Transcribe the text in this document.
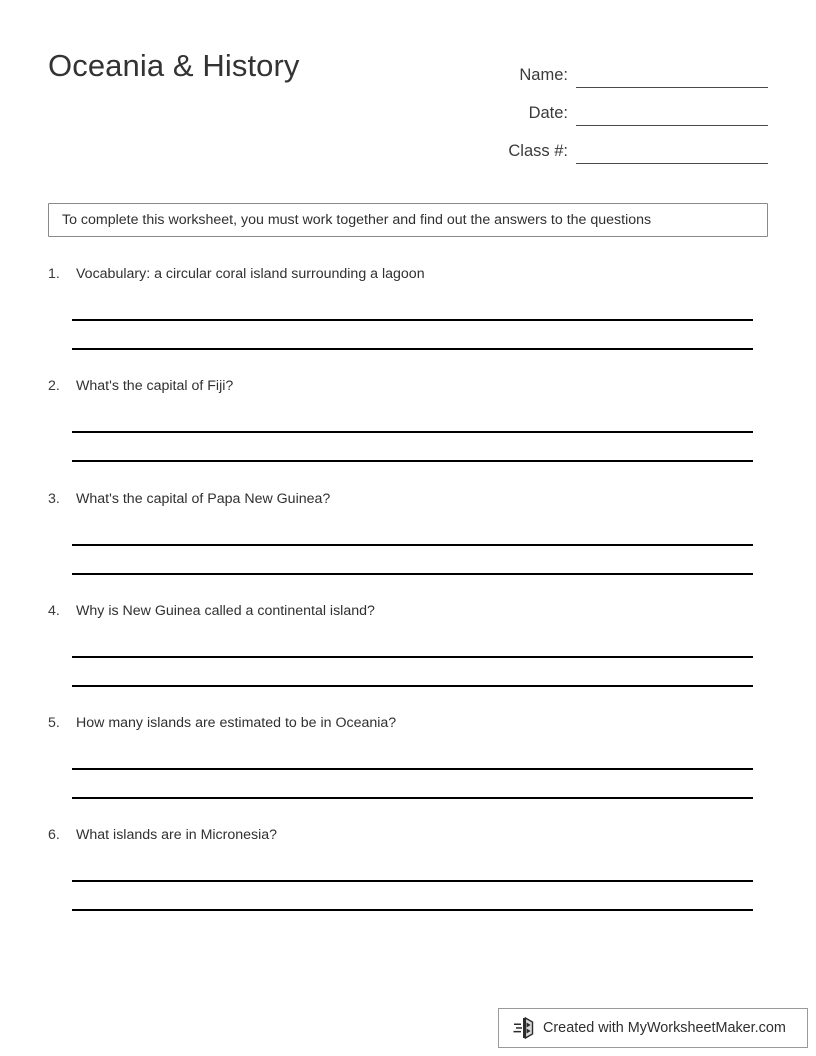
Oceania & History	Name:
Date:
Class #:
To complete this worksheet, you must work together and find out the answers to the questions
1.	Vocabulary: a circular coral island surrounding a lagoon
2.	What's the capital of Fiji?
3.	What's the capital of Papa New Guinea?
4.	Why is New Guinea called a continental island?
5.	How many islands are estimated to be in Oceania?
6.	What islands are in Micronesia?
Created with MyWorksheetMaker.com
